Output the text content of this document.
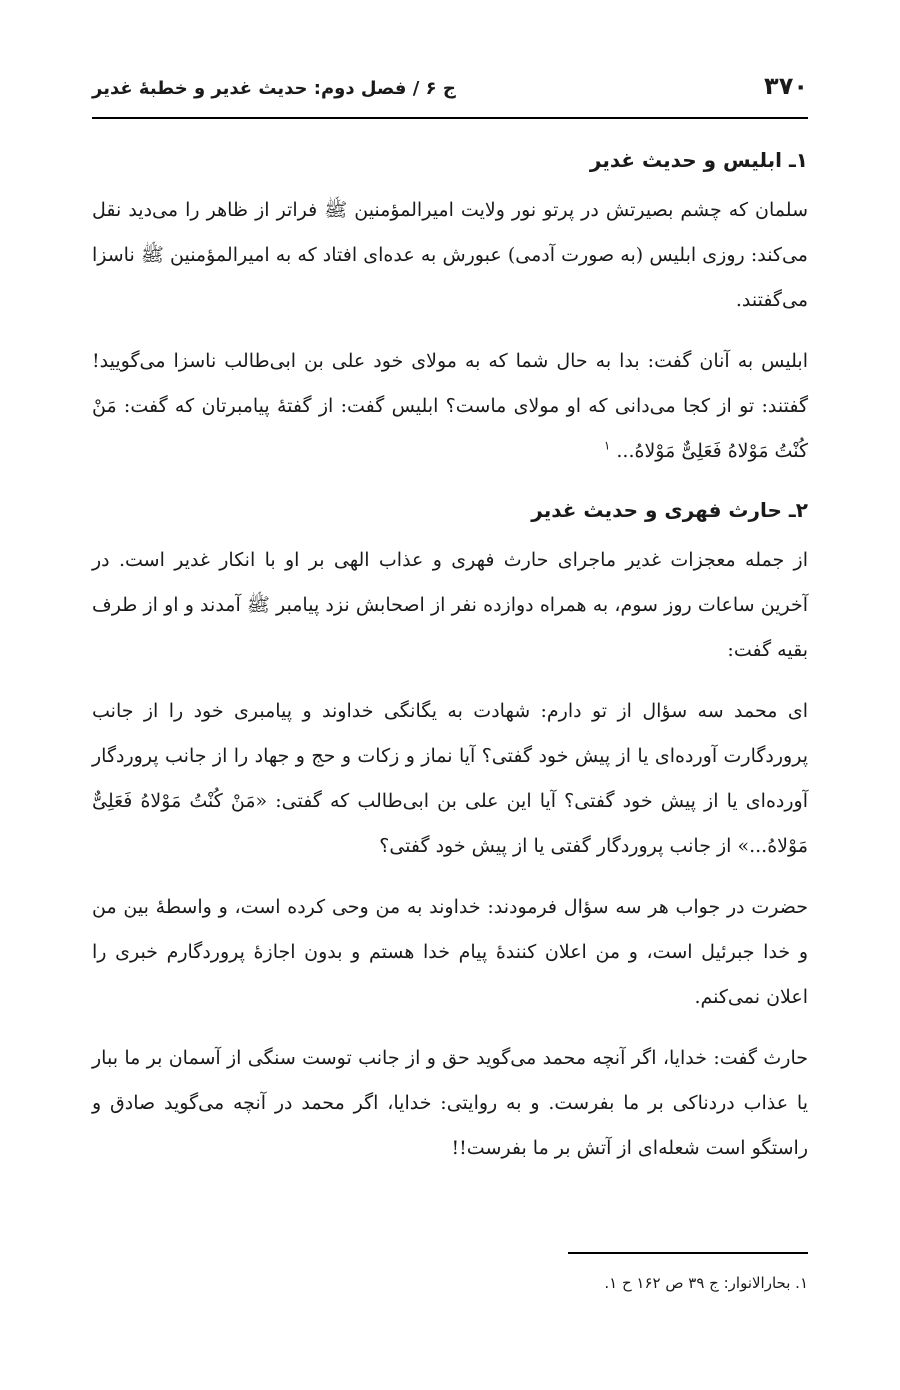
۳۷۰
ج ۶ / فصل دوم: حدیث غدیر و خطبهٔ غدیر
۱ـ ابلیس و حدیث غدیر

سلمان که چشم بصیرتش در پرتو نور ولایت امیرالمؤمنین ﷺ فراتر از ظاهر را می‌دید نقل می‌کند: روزی ابلیس (به صورت آدمی) عبورش به عده‌ای افتاد که به امیرالمؤمنین ﷺ ناسزا می‌گفتند.

ابلیس به آنان گفت: بدا به حال شما که به مولای خود علی بن ابی‌طالب ناسزا می‌گویید! گفتند: تو از کجا می‌دانی که او مولای ماست؟ ابلیس گفت: از گفتهٔ پیامبرتان که گفت: مَنْ کُنْتُ مَوْلاهُ فَعَلِیٌّ مَوْلاهُ... $^۱$

۲ـ حارث فهری و حدیث غدیر

از جمله معجزات غدیر ماجرای حارث فهری و عذاب الهی بر او با انکار غدیر است. در آخرین ساعات روز سوم، به همراه دوازده نفر از اصحابش نزد پیامبر ﷺ آمدند و او از طرف بقیه گفت:

ای محمد سه سؤال از تو دارم: شهادت به یگانگی خداوند و پیامبری خود را از جانب پروردگارت آورده‌ای یا از پیش خود گفتی؟ آیا نماز و زکات و حج و جهاد را از جانب پروردگار آورده‌ای یا از پیش خود گفتی؟ آیا این علی بن ابی‌طالب که گفتی: «مَنْ کُنْتُ مَوْلاهُ فَعَلِیٌّ مَوْلاهُ...» از جانب پروردگار گفتی یا از پیش خود گفتی؟

حضرت در جواب هر سه سؤال فرمودند: خداوند به من وحی کرده است، و واسطهٔ بین من و خدا جبرئیل است، و من اعلان کنندهٔ پیام خدا هستم و بدون اجازهٔ پروردگارم خبری را اعلان نمی‌کنم.

حارث گفت: خدایا، اگر آنچه محمد می‌گوید حق و از جانب توست سنگی از آسمان بر ما ببار یا عذاب دردناکی بر ما بفرست. و به روایتی: خدایا، اگر محمد در آنچه می‌گوید صادق و راستگو است شعله‌ای از آتش بر ما بفرست!!

۱. بحارالانوار: ج ۳۹ ص ۱۶۲ ح ۱.
